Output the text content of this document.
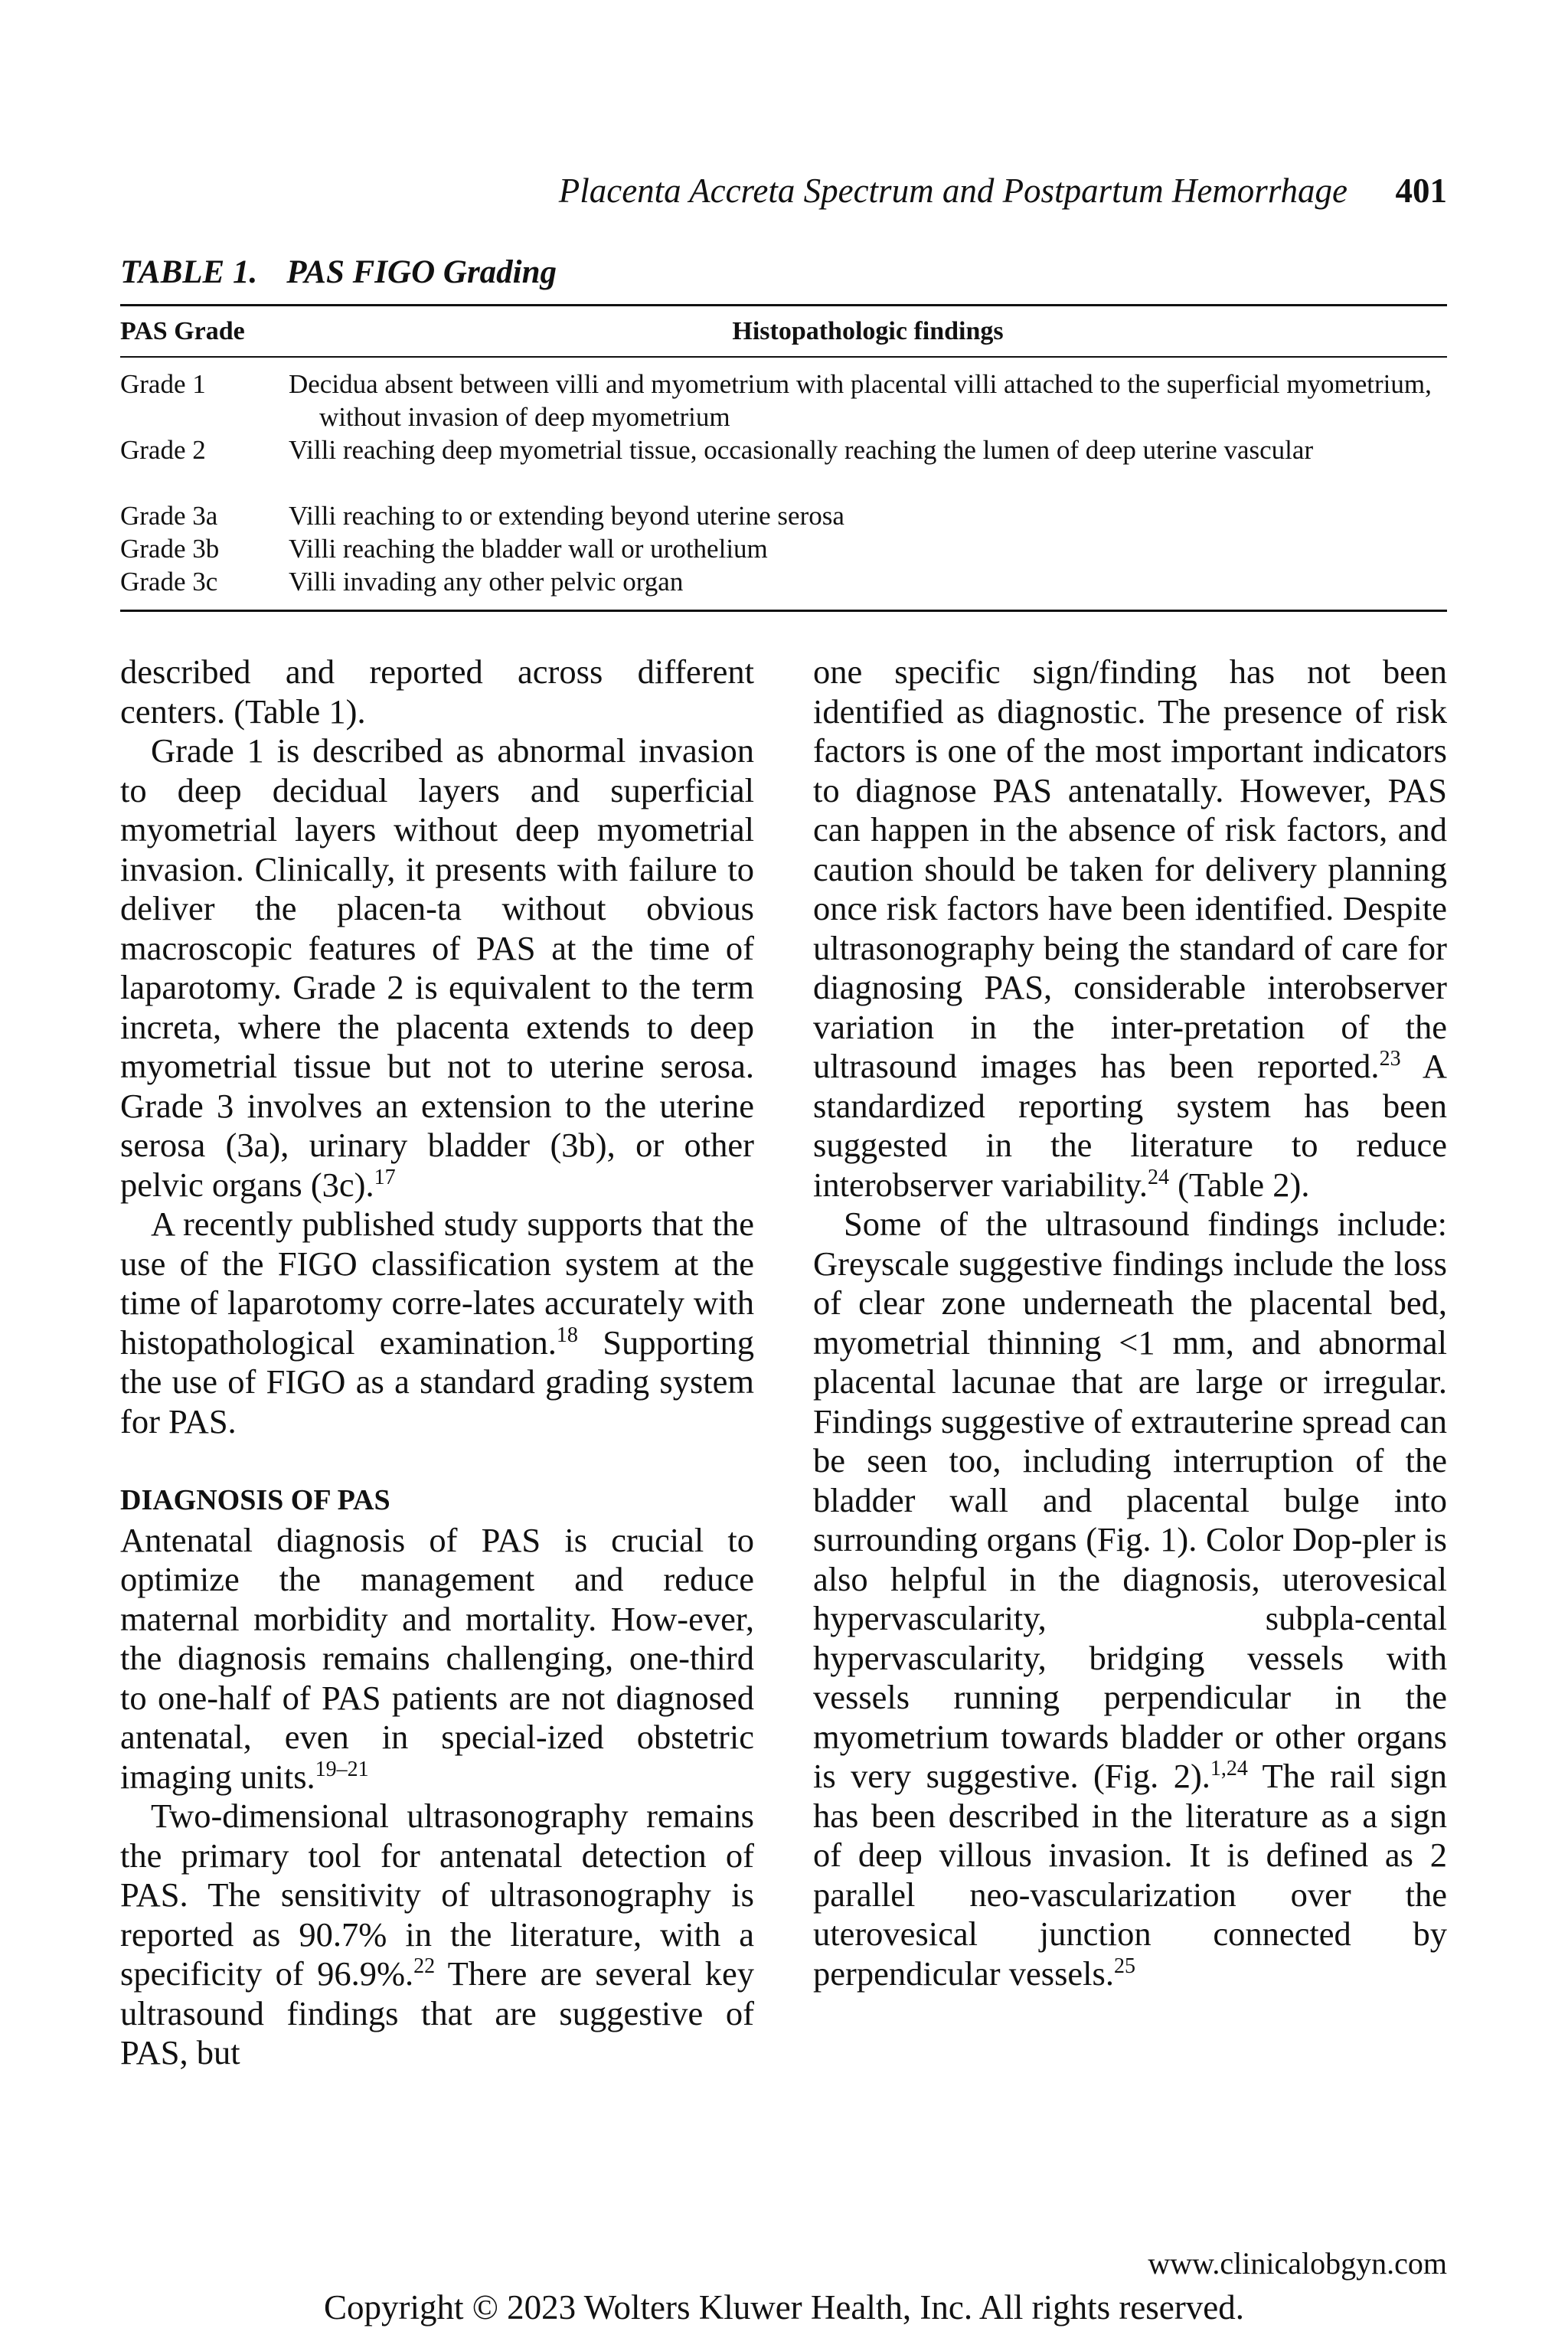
Placenta Accreta Spectrum and Postpartum Hemorrhage	401
TABLE 1. PAS FIGO Grading
PAS Grade	Histopathologic findings
Grade 1	Decidua absent between villi and myometrium with placental villi attached to the superficial myometrium, without invasion of deep myometrium
Grade 2	Villi reaching deep myometrial tissue, occasionally reaching the lumen of deep uterine vascular
Grade 3a	Villi reaching to or extending beyond uterine serosa
Grade 3b	Villi reaching the bladder wall or urothelium
Grade 3c	Villi invading any other pelvic organ

described and reported across different centers. (Table 1).

Grade 1 is described as abnormal invasion to deep decidual layers and superficial myometrial layers without deep myometrial invasion. Clinically, it presents with failure to deliver the placen-ta without obvious macroscopic features of PAS at the time of laparotomy. Grade 2 is equivalent to the term increta, where the placenta extends to deep myometrial tissue but not to uterine serosa. Grade 3 involves an extension to the uterine serosa (3a), urinary bladder (3b), or other pelvic organs (3c).$^{17}$

A recently published study supports that the use of the FIGO classification system at the time of laparotomy corre-lates accurately with histopathological examination.$^{18}$ Supporting the use of FIGO as a standard grading system for PAS.

DIAGNOSIS OF PAS

Antenatal diagnosis of PAS is crucial to optimize the management and reduce maternal morbidity and mortality. How-ever, the diagnosis remains challenging, one-third to one-half of PAS patients are not diagnosed antenatal, even in special-ized obstetric imaging units.$^{19-21}$

Two-dimensional ultrasonography remains the primary tool for antenatal detection of PAS. The sensitivity of ultrasonography is reported as 90.7% in the literature, with a specificity of 96.9%.$^{22}$ There are several key ultrasound findings that are suggestive of PAS, but

one specific sign/finding has not been identified as diagnostic. The presence of risk factors is one of the most important indicators to diagnose PAS antenatally. However, PAS can happen in the absence of risk factors, and caution should be taken for delivery planning once risk factors have been identified. Despite ultrasonography being the standard of care for diagnosing PAS, considerable interobserver variation in the inter-pretation of the ultrasound images has been reported.$^{23}$ A standardized reporting system has been suggested in the literature to reduce interobserver variability.$^{24}$ (Table 2).

Some of the ultrasound findings include: Greyscale suggestive findings include the loss of clear zone underneath the placental bed, myometrial thinning <1 mm, and abnormal placental lacunae that are large or irregular. Findings suggestive of extrauterine spread can be seen too, including interruption of the bladder wall and placental bulge into surrounding organs (Fig. 1). Color Dop-pler is also helpful in the diagnosis, uterovesical hypervascularity, subpla-cental hypervascularity, bridging vessels with vessels running perpendicular in the myometrium towards bladder or other organs is very suggestive. (Fig. 2).$^{1,24}$ The rail sign has been described in the literature as a sign of deep villous invasion. It is defined as 2 parallel neo-vascularization over the uterovesical junction connected by perpendicular vessels.$^{25}$

www.clinicalobgyn.com
Copyright © 2023 Wolters Kluwer Health, Inc. All rights reserved.
